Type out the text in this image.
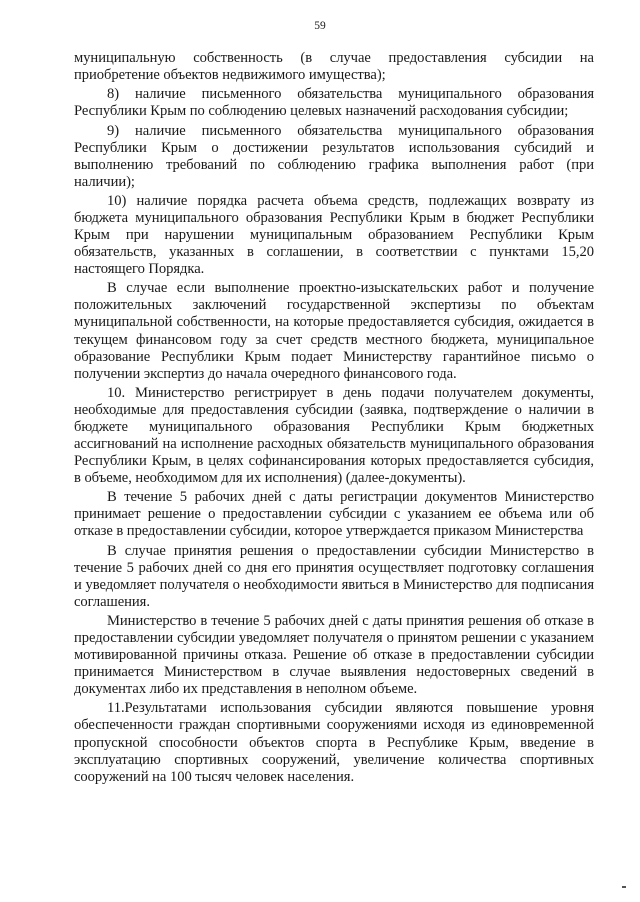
59

муниципальную собственность (в случае предоставления субсидии на приобретение объектов недвижимого имущества);

8) наличие письменного обязательства муниципального образования Республики Крым по соблюдению целевых назначений расходования субсидии;

9) наличие письменного обязательства муниципального образования Республики Крым о достижении результатов использования субсидий и выполнению требований по соблюдению графика выполнения работ (при наличии);

10) наличие порядка расчета объема средств, подлежащих возврату из бюджета муниципального образования Республики Крым в бюджет Республики Крым при нарушении муниципальным образованием Республики Крым обязательств, указанных в соглашении, в соответствии с пунктами 15,20 настоящего Порядка.

В случае если выполнение проектно-изыскательских работ и получение положительных заключений государственной экспертизы по объектам муниципальной собственности, на которые предоставляется субсидия, ожидается в текущем финансовом году за счет средств местного бюджета, муниципальное образование Республики Крым подает Министерству гарантийное письмо о получении экспертиз до начала очередного финансового года.

10. Министерство регистрирует в день подачи получателем документы, необходимые для предоставления субсидии (заявка, подтверждение о наличии в бюджете муниципального образования Республики Крым бюджетных ассигнований на исполнение расходных обязательств муниципального образования Республики Крым, в целях софинансирования которых предоставляется субсидия, в объеме, необходимом для их исполнения) (далее-документы).

В течение 5 рабочих дней с даты регистрации документов Министерство принимает решение о предоставлении субсидии с указанием ее объема или об отказе в предоставлении субсидии, которое утверждается приказом Министерства

В случае принятия решения о предоставлении субсидии Министерство в течение 5 рабочих дней со дня его принятия осуществляет подготовку соглашения и уведомляет получателя о необходимости явиться в Министерство для подписания соглашения.

Министерство в течение 5 рабочих дней с даты принятия решения об отказе в предоставлении субсидии уведомляет получателя о принятом решении с указанием мотивированной причины отказа. Решение об отказе в предоставлении субсидии принимается Министерством в случае выявления недостоверных сведений в документах либо их представления в неполном объеме.

11.Результатами использования субсидии являются повышение уровня обеспеченности граждан спортивными сооружениями исходя из единовременной пропускной способности объектов спорта в Республике Крым, введение в эксплуатацию спортивных сооружений, увеличение количества спортивных сооружений на 100 тысяч человек населения.
